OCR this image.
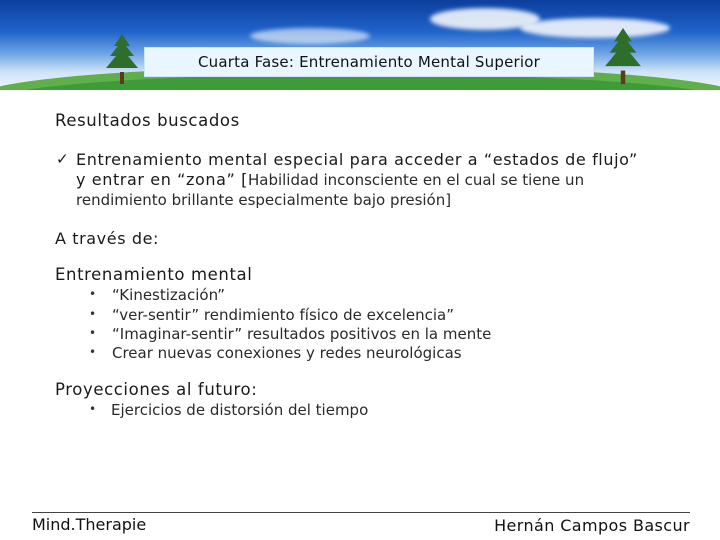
Cuarta Fase: Entrenamiento Mental Superior
Resultados buscados
✓ Entrenamiento mental especial para acceder a “estados de flujo”
y entrar en “zona” [Habilidad inconsciente en el cual se tiene un
rendimiento brillante especialmente bajo presión]
A través de:
Entrenamiento mental
• “Kinestización”
• “ver-sentir” rendimiento físico de excelencia”
• “Imaginar-sentir” resultados positivos en la mente
• Crear nuevas conexiones y redes neurológicas
Proyecciones al futuro:
• Ejercicios de distorsión del tiempo
Mind.Therapie	Hernán Campos Bascur
